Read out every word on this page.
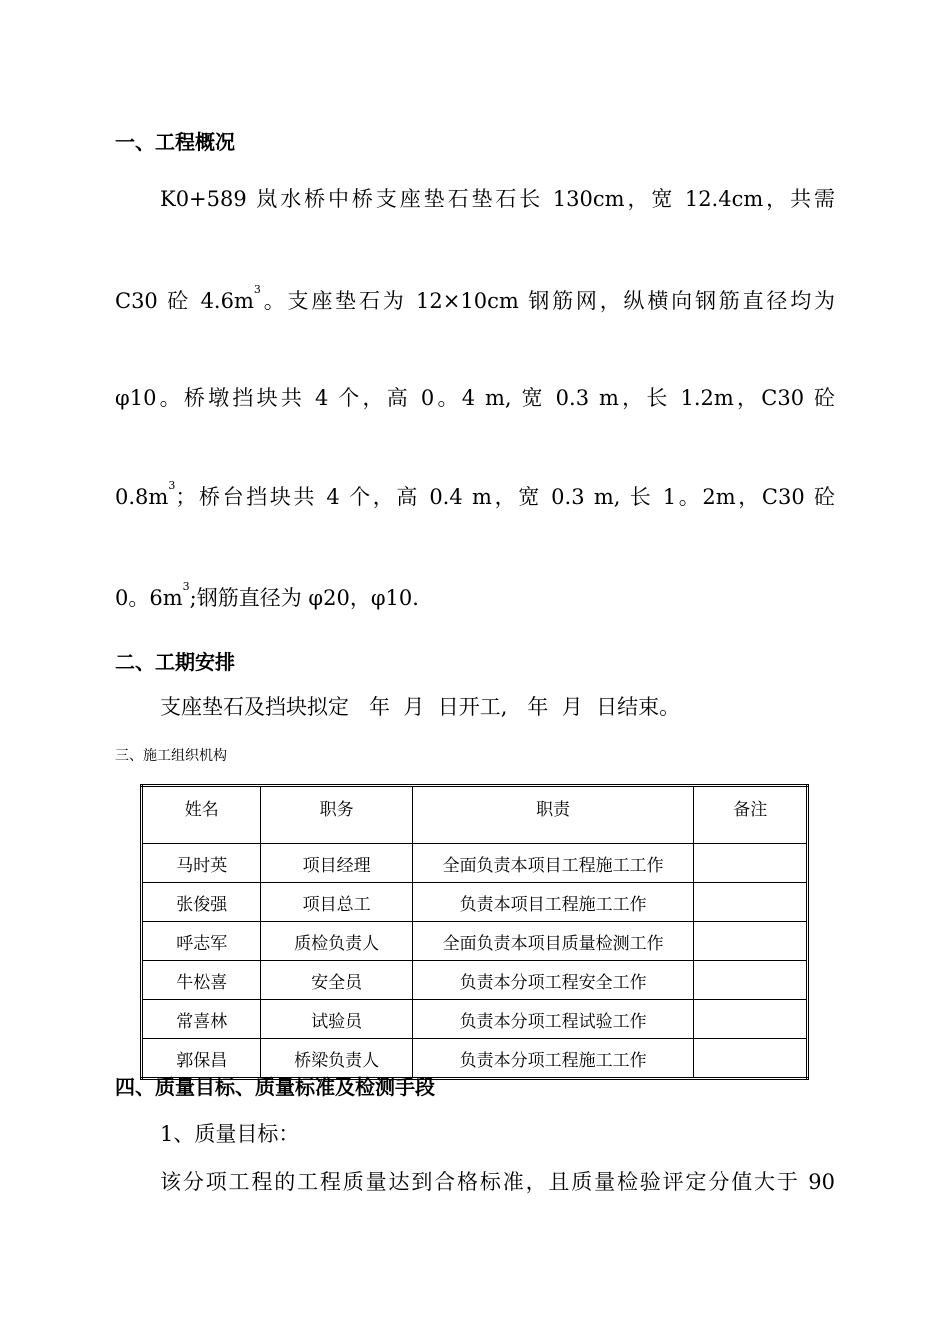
一、工程概况
K0+589 岚水桥中桥支座垫石垫石长 130cm，宽 12.4cm，共需
C30 砼 $4.6m^3$。支座垫石为 12×10cm 钢筋网，纵横向钢筋直径均为
φ10。桥墩挡块共 4 个，高 0。4 m, 宽 0.3 m，长 1.2m，C30 砼
$0.8m^3$；桥台挡块共 4 个，高 0.4 m，宽 0.3 m, 长 1。2m，C30 砼
0。$6m^3$;钢筋直径为 φ20，φ10.
二、工期安排
支座垫石及挡块拟定   年  月  日开工,   年  月  日结束。
三、施工组织机构
姓名	职务	职责	备注
马时英	项目经理	全面负责本项目工程施工工作	
张俊强	项目总工	负责本项目工程施工工作	
呼志军	质检负责人	全面负责本项目质量检测工作	
牛松喜	安全员	负责本分项工程安全工作	
常喜林	试验员	负责本分项工程试验工作	
郭保昌	桥梁负责人	负责本分项工程施工工作	
四、质量目标、质量标准及检测手段
1、质量目标：
该分项工程的工程质量达到合格标准，且质量检验评定分值大于 90
